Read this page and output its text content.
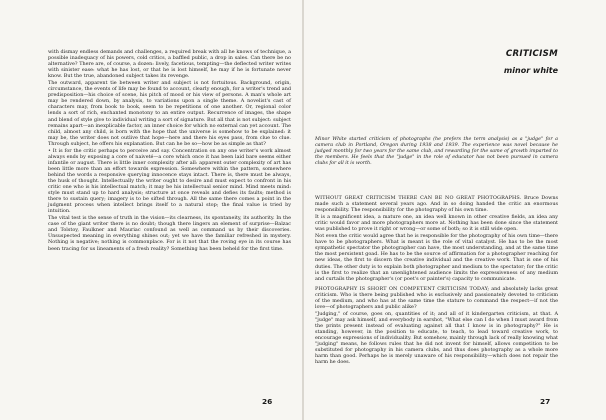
with dismay endless demands and challenges, a required break with all he knows of technique, a possible inadequacy of his powers, cold critics, a baffled public, a drop in sales. Can there be no alternative? There are, of course, a dozen: lively, facetious, tempting—the deflected writer writes with sinister ease: what he has lost, or that he is lost himself, he may if he is fortunate never know. But the true, abandoned subject takes its revenge.

The outward, apparent tie between writer and subject is not fortuitous. Background, origin, circumstance, the events of life may be found to account, clearly enough, for a writer's trend and predisposition—his choice of scene, his pitch of mood or his view of persons. A man's whole art may be rendered down, by analysis, to variations upon a single theme. A novelist's cast of characters may, from book to book, seem to be repetitions of one another. Or, regional color lends a sort of rich, enchanted monotony to an entire output. Recurrence of images, the shape and blend of style give to individual writing a sort of signature. But all that is not subject: subject remains apart—an inexplicable factor, an inner choice for which no external can yet account. The child, almost any child, is born with the hope that the universe is somehow to be explained: it may be, the writer does not outlive that hope—here and there his eyes pass, from clue to clue. Through subject, he offers his explanation. But can he be so—how be as simple as that?

• It is for the critic perhaps to perceive and say. Concentration on any one writer's work almost always ends by exposing a core of naiveté—a core which once it has been laid bare seems either infantile or august. There is little inner complexity after all: apparent outer complexity of art has been little more than an effort towards expression. Somewhere within the pattern, somewhere behind the words a responsive querying innocence stays intact. There is, there must be always, the husk of thought. Intellectually the writer ought to desire and must expect to confront in his critic one who is his intellectual match; it may be his intellectual senior mind. Mind meets mind: style must stand up to hard analysis; structure at once reveals and defies its faults; method is there to sustain query; imagery is to be sifted through. All the same there comes a point in the judgment process when intellect brings itself to a natural stop; the final value is tried by intuition.

The vital test is the sense of truth in the vision—its clearness, its spontaneity, its authority. In the case of the giant writer there is no doubt; though there lingers an element of surprise—Balzac and Tolstoy, Faulkner and Mauriac confound as well as command us by their discoveries. Unsuspected meaning in everything shines out; yet we have the familiar refreshed in mystery. Nothing is negative; nothing is commonplace. For is it not that the roving eye in its course has been tracing for us lineaments of a fresh reality? Something has been beheld for the first time.

26
CRITICISM
minor white
Minor White started criticism of photographs (he prefers the term analysis) as a "judge" for a camera club in Portland, Oregon during 1938 and 1939. The experience was novel because he judged monthly for two years for the same club, and rewarding for the same of growth imparted to the members. He feels that the "judge" in the role of educator has not been pursued in camera clubs for all it is worth.

WITHOUT GREAT CRITICISM THERE CAN BE NO GREAT PHOTOGRAPHS. Bruce Downs made such a statement several years ago. And in so doing handed the critic an enormous responsibility. The responsibility for the photography of his own time.

It is a magnificent idea, a mature one, an idea well known in other creative fields, an idea any critic would favor and more photographers more at. Nothing has been done since the statement was published to prove it right or wrong—or some of both; so it is still wide open.

Not even the critic would agree that he is responsible for the photography of his own time—there have to be photographers. What is meant is the role of vital catalyst. He has to be the most sympathetic spectator the photographer can have, the most understanding, and at the same time the most persistent goad. He has to be the source of affirmation for a photographer reaching for new ideas, the first to discern the creative individual and the creative work. That is one of his duties. The other duty is to explain both photographer and medium to the spectator; for the critic is the first to realize that an unenlightened audience limits the expressiveness of any medium and curtails the photographer's (or poet's or painter's) capacity to communicate.

PHOTOGRAPHY IS SHORT ON COMPETENT CRITICISM TODAY; and absolutely lacks great criticism. Who is there being published who is exclusively and passionately devoted to criticism of the medium, and who has at the same time the stature to command the respect—if not the love—of photographers and public alike?

"Judging," of course, goes on, quantities of it; and all of it kindergarten criticism, at that. A "judge" may ask himself, and everybody in earshot, "What else can I do when I must award from the prints present instead of evaluating against all that I know is in photography?" He is standing, however, in the position to educate, to teach, to lead toward creative work, to encourage expressions of individuality. But somehow, mainly through lack of really knowing what "judging" means, he follows rules that he did not invent for himself, allows competition to be substituted for photography in his camera clubs, and thus does photography as a whole more harm than good. Perhaps he is merely unaware of his responsibility—which does not repair the harm he does.

27
